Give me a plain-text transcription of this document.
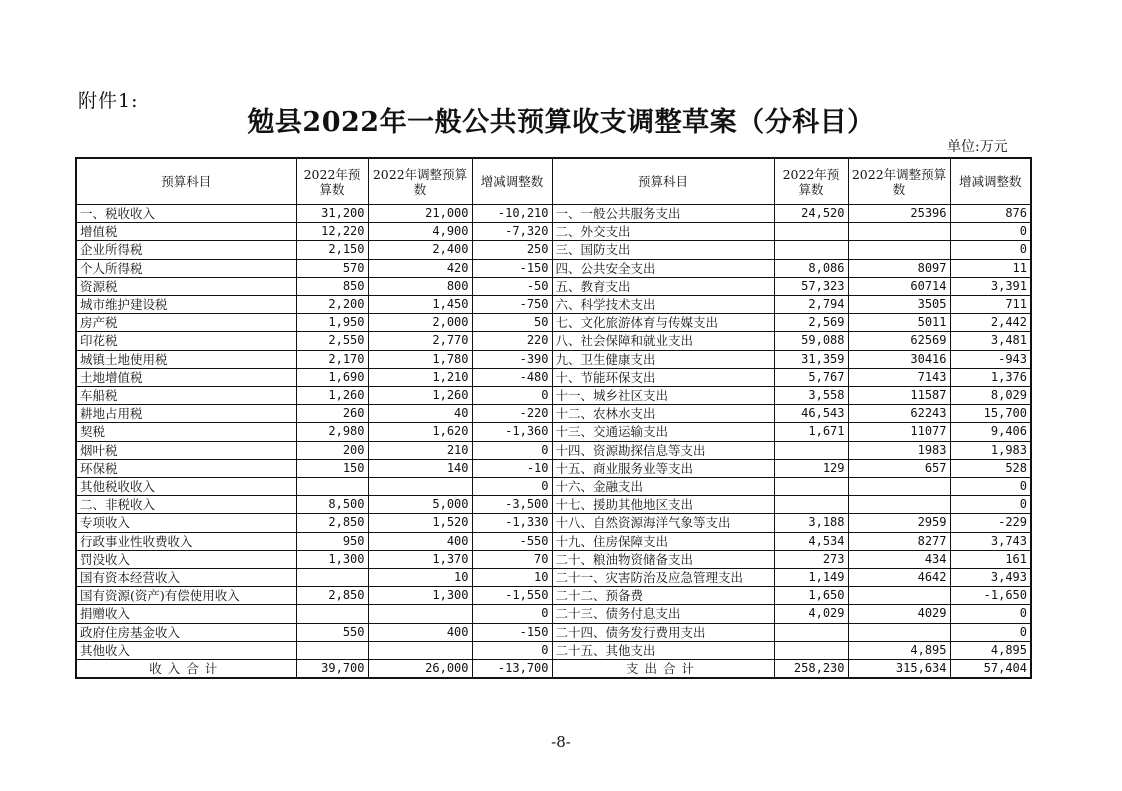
附件1:
勉县2022年一般公共预算收支调整草案（分科目）
单位:万元
预算科目	2022年预算数	2022年调整预算数	增减调整数	预算科目	2022年预算数	2022年调整预算数	增减调整数
一、税收收入	31,200	21,000	-10,210	一、一般公共服务支出	24,520	25396	876
增值税	12,220	4,900	-7,320	二、外交支出			0
企业所得税	2,150	2,400	250	三、国防支出			0
个人所得税	570	420	-150	四、公共安全支出	8,086	8097	11
资源税	850	800	-50	五、教育支出	57,323	60714	3,391
城市维护建设税	2,200	1,450	-750	六、科学技术支出	2,794	3505	711
房产税	1,950	2,000	50	七、文化旅游体育与传媒支出	2,569	5011	2,442
印花税	2,550	2,770	220	八、社会保障和就业支出	59,088	62569	3,481
城镇土地使用税	2,170	1,780	-390	九、卫生健康支出	31,359	30416	-943
土地增值税	1,690	1,210	-480	十、节能环保支出	5,767	7143	1,376
车船税	1,260	1,260	0	十一、城乡社区支出	3,558	11587	8,029
耕地占用税	260	40	-220	十二、农林水支出	46,543	62243	15,700
契税	2,980	1,620	-1,360	十三、交通运输支出	1,671	11077	9,406
烟叶税	200	210	0	十四、资源勘探信息等支出		1983	1,983
环保税	150	140	-10	十五、商业服务业等支出	129	657	528
其他税收收入			0	十六、金融支出			0
二、非税收入	8,500	5,000	-3,500	十七、援助其他地区支出			0
专项收入	2,850	1,520	-1,330	十八、自然资源海洋气象等支出	3,188	2959	-229
行政事业性收费收入	950	400	-550	十九、住房保障支出	4,534	8277	3,743
罚没收入	1,300	1,370	70	二十、粮油物资储备支出	273	434	161
国有资本经营收入		10	10	二十一、灾害防治及应急管理支出	1,149	4642	3,493
国有资源(资产)有偿使用收入	2,850	1,300	-1,550	二十二、预备费	1,650		-1,650
捐赠收入			0	二十三、债务付息支出	4,029	4029	0
政府住房基金收入	550	400	-150	二十四、债务发行费用支出			0
其他收入			0	二十五、其他支出		4,895	4,895
收入合计	39,700	26,000	-13,700	支出合计	258,230	315,634	57,404
-8-
